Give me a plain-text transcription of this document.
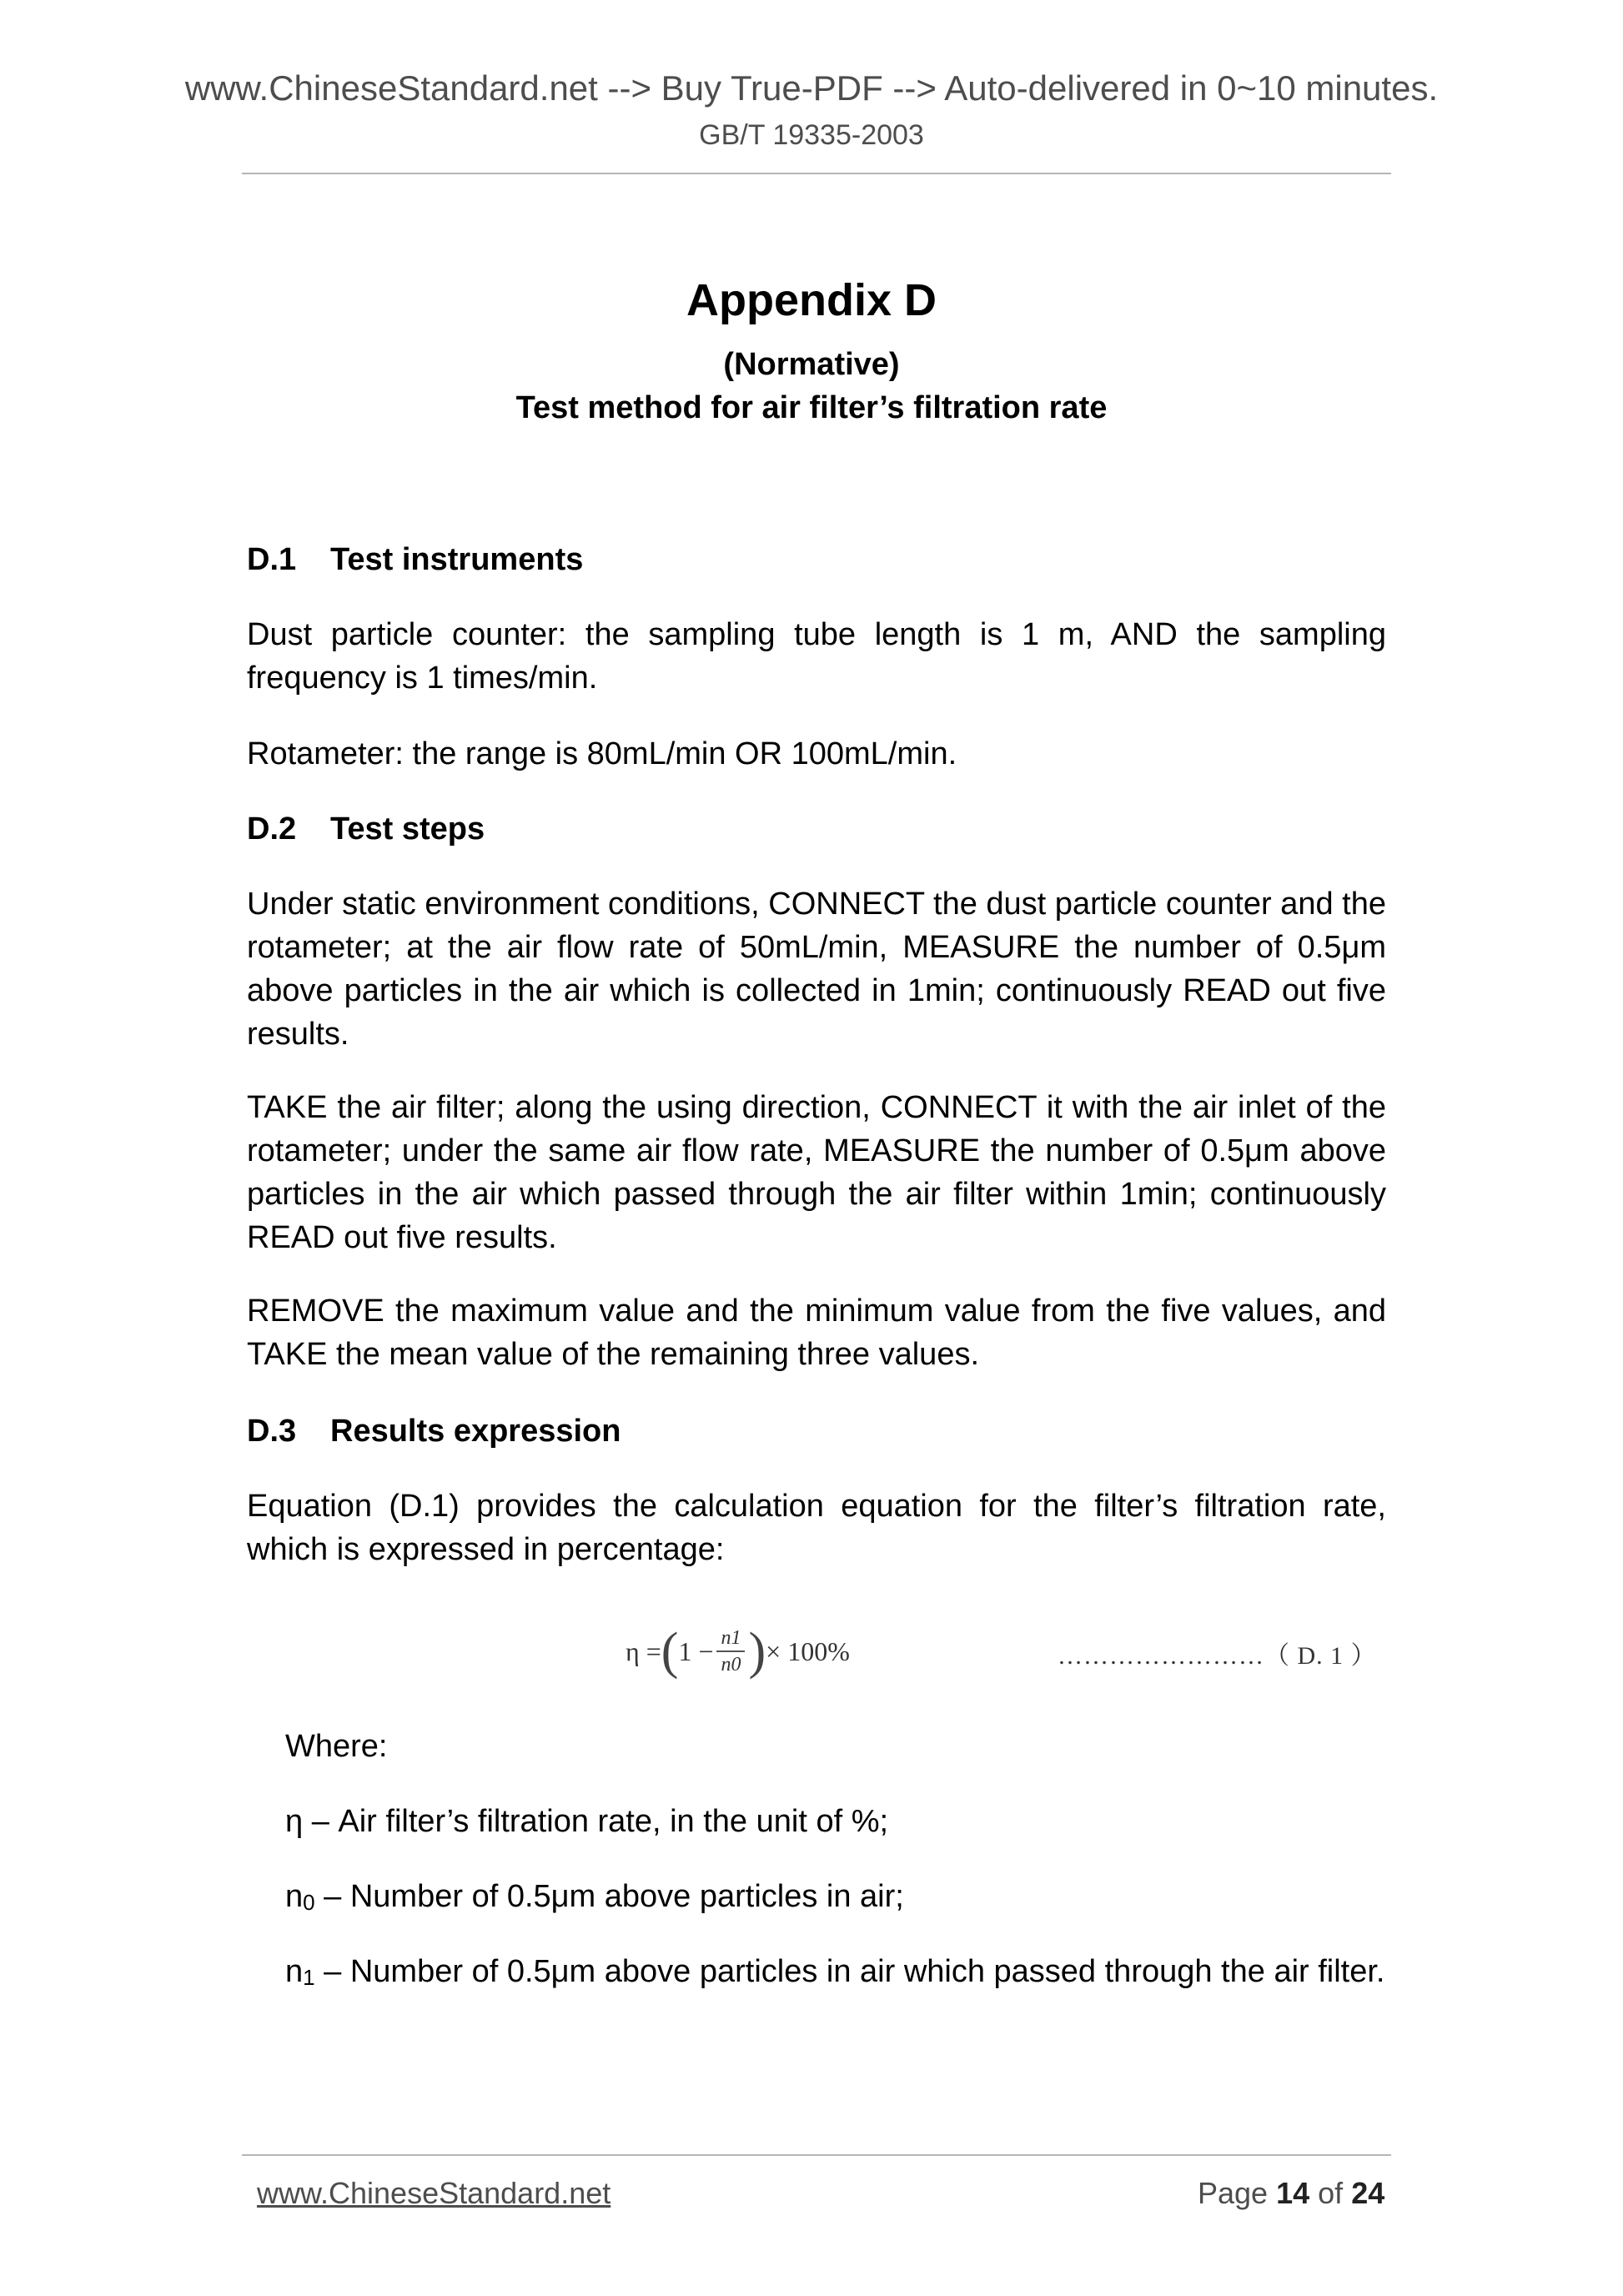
www.ChineseStandard.net --> Buy True-PDF --> Auto-delivered in 0~10 minutes.
GB/T 19335-2003
Appendix D
(Normative)
Test method for air filter’s filtration rate
D.1 Test instruments

Dust particle counter: the sampling tube length is 1 m, AND the sampling frequency is 1 times/min.

Rotameter: the range is 80mL/min OR 100mL/min.

D.2 Test steps

Under static environment conditions, CONNECT the dust particle counter and the rotameter; at the air flow rate of 50mL/min, MEASURE the number of 0.5μm above particles in the air which is collected in 1min; continuously READ out five results.

TAKE the air filter; along the using direction, CONNECT it with the air inlet of the rotameter; under the same air flow rate, MEASURE the number of 0.5μm above particles in the air which passed through the air filter within 1min; continuously READ out five results.

REMOVE the maximum value and the minimum value from the five values, and TAKE the mean value of the remaining three values.

D.3 Results expression

Equation (D.1) provides the calculation equation for the filter’s filtration rate, which is expressed in percentage:

η = ( $1 - \frac{n1}{n0}$ ) × 100%	……………………（ D. 1 ）
Where:
η – Air filter’s filtration rate, in the unit of %;
$n_0$ – Number of 0.5μm above particles in air;
$n_1$ – Number of 0.5μm above particles in air which passed through the air filter.
www.ChineseStandard.net	Page 14 of 24
